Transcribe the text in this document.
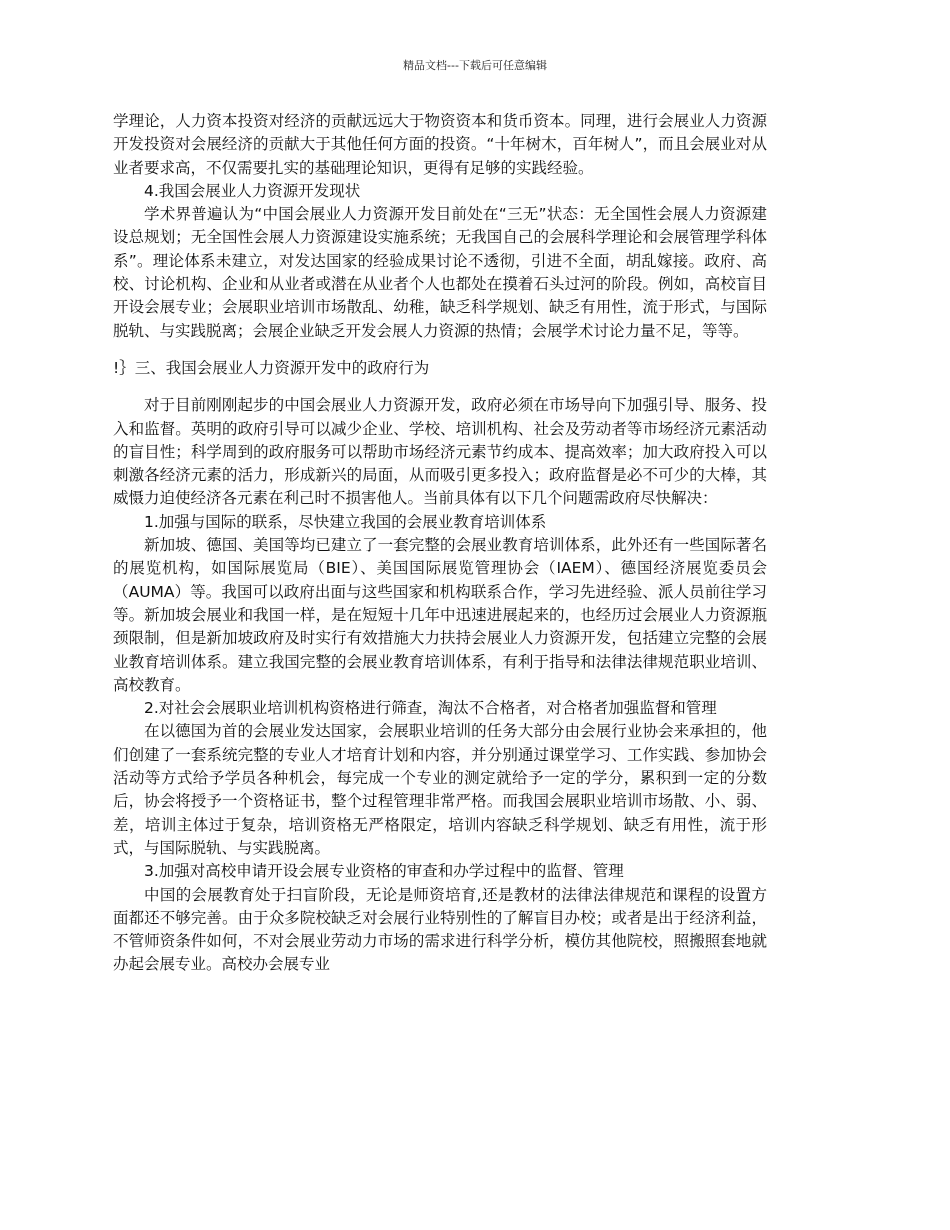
精品文档---下载后可任意编辑

学理论，人力资本投资对经济的贡献远远大于物资资本和货币资本。同理，进行会展业人力资源开发投资对会展经济的贡献大于其他任何方面的投资。“十年树木，百年树人”，而且会展业对从业者要求高，不仅需要扎实的基础理论知识，更得有足够的实践经验。

4.我国会展业人力资源开发现状

学术界普遍认为“中国会展业人力资源开发目前处在“三无”状态：无全国性会展人力资源建设总规划；无全国性会展人力资源建设实施系统；无我国自己的会展科学理论和会展管理学科体系”。理论体系未建立，对发达国家的经验成果讨论不透彻，引进不全面，胡乱嫁接。政府、高校、讨论机构、企业和从业者或潜在从业者个人也都处在摸着石头过河的阶段。例如，高校盲目开设会展专业；会展职业培训市场散乱、幼稚，缺乏科学规划、缺乏有用性，流于形式，与国际脱轨、与实践脱离；会展企业缺乏开发会展人力资源的热情；会展学术讨论力量不足，等等。

!｝三、我国会展业人力资源开发中的政府行为

对于目前刚刚起步的中国会展业人力资源开发，政府必须在市场导向下加强引导、服务、投入和监督。英明的政府引导可以减少企业、学校、培训机构、社会及劳动者等市场经济元素活动的盲目性；科学周到的政府服务可以帮助市场经济元素节约成本、提高效率；加大政府投入可以刺激各经济元素的活力，形成新兴的局面，从而吸引更多投入；政府监督是必不可少的大棒，其威慑力迫使经济各元素在利己时不损害他人。当前具体有以下几个问题需政府尽快解决：

1.加强与国际的联系，尽快建立我国的会展业教育培训体系

新加坡、德国、美国等均已建立了一套完整的会展业教育培训体系，此外还有一些国际著名的展览机构，如国际展览局（BIE）、美国国际展览管理协会（IAEM）、德国经济展览委员会（AUMA）等。我国可以政府出面与这些国家和机构联系合作，学习先进经验、派人员前往学习等。新加坡会展业和我国一样，是在短短十几年中迅速进展起来的，也经历过会展业人力资源瓶颈限制，但是新加坡政府及时实行有效措施大力扶持会展业人力资源开发，包括建立完整的会展业教育培训体系。建立我国完整的会展业教育培训体系，有利于指导和法律法律规范职业培训、高校教育。

2.对社会会展职业培训机构资格进行筛查，淘汰不合格者，对合格者加强监督和管理

在以德国为首的会展业发达国家，会展职业培训的任务大部分由会展行业协会来承担的，他们创建了一套系统完整的专业人才培育计划和内容，并分别通过课堂学习、工作实践、参加协会活动等方式给予学员各种机会，每完成一个专业的测定就给予一定的学分，累积到一定的分数后，协会将授予一个资格证书，整个过程管理非常严格。而我国会展职业培训市场散、小、弱、差，培训主体过于复杂，培训资格无严格限定，培训内容缺乏科学规划、缺乏有用性，流于形式，与国际脱轨、与实践脱离。

3.加强对高校申请开设会展专业资格的审查和办学过程中的监督、管理

中国的会展教育处于扫盲阶段，无论是师资培育,还是教材的法律法律规范和课程的设置方面都还不够完善。由于众多院校缺乏对会展行业特别性的了解盲目办校；或者是出于经济利益，不管师资条件如何，不对会展业劳动力市场的需求进行科学分析，模仿其他院校，照搬照套地就办起会展专业。高校办会展专业
